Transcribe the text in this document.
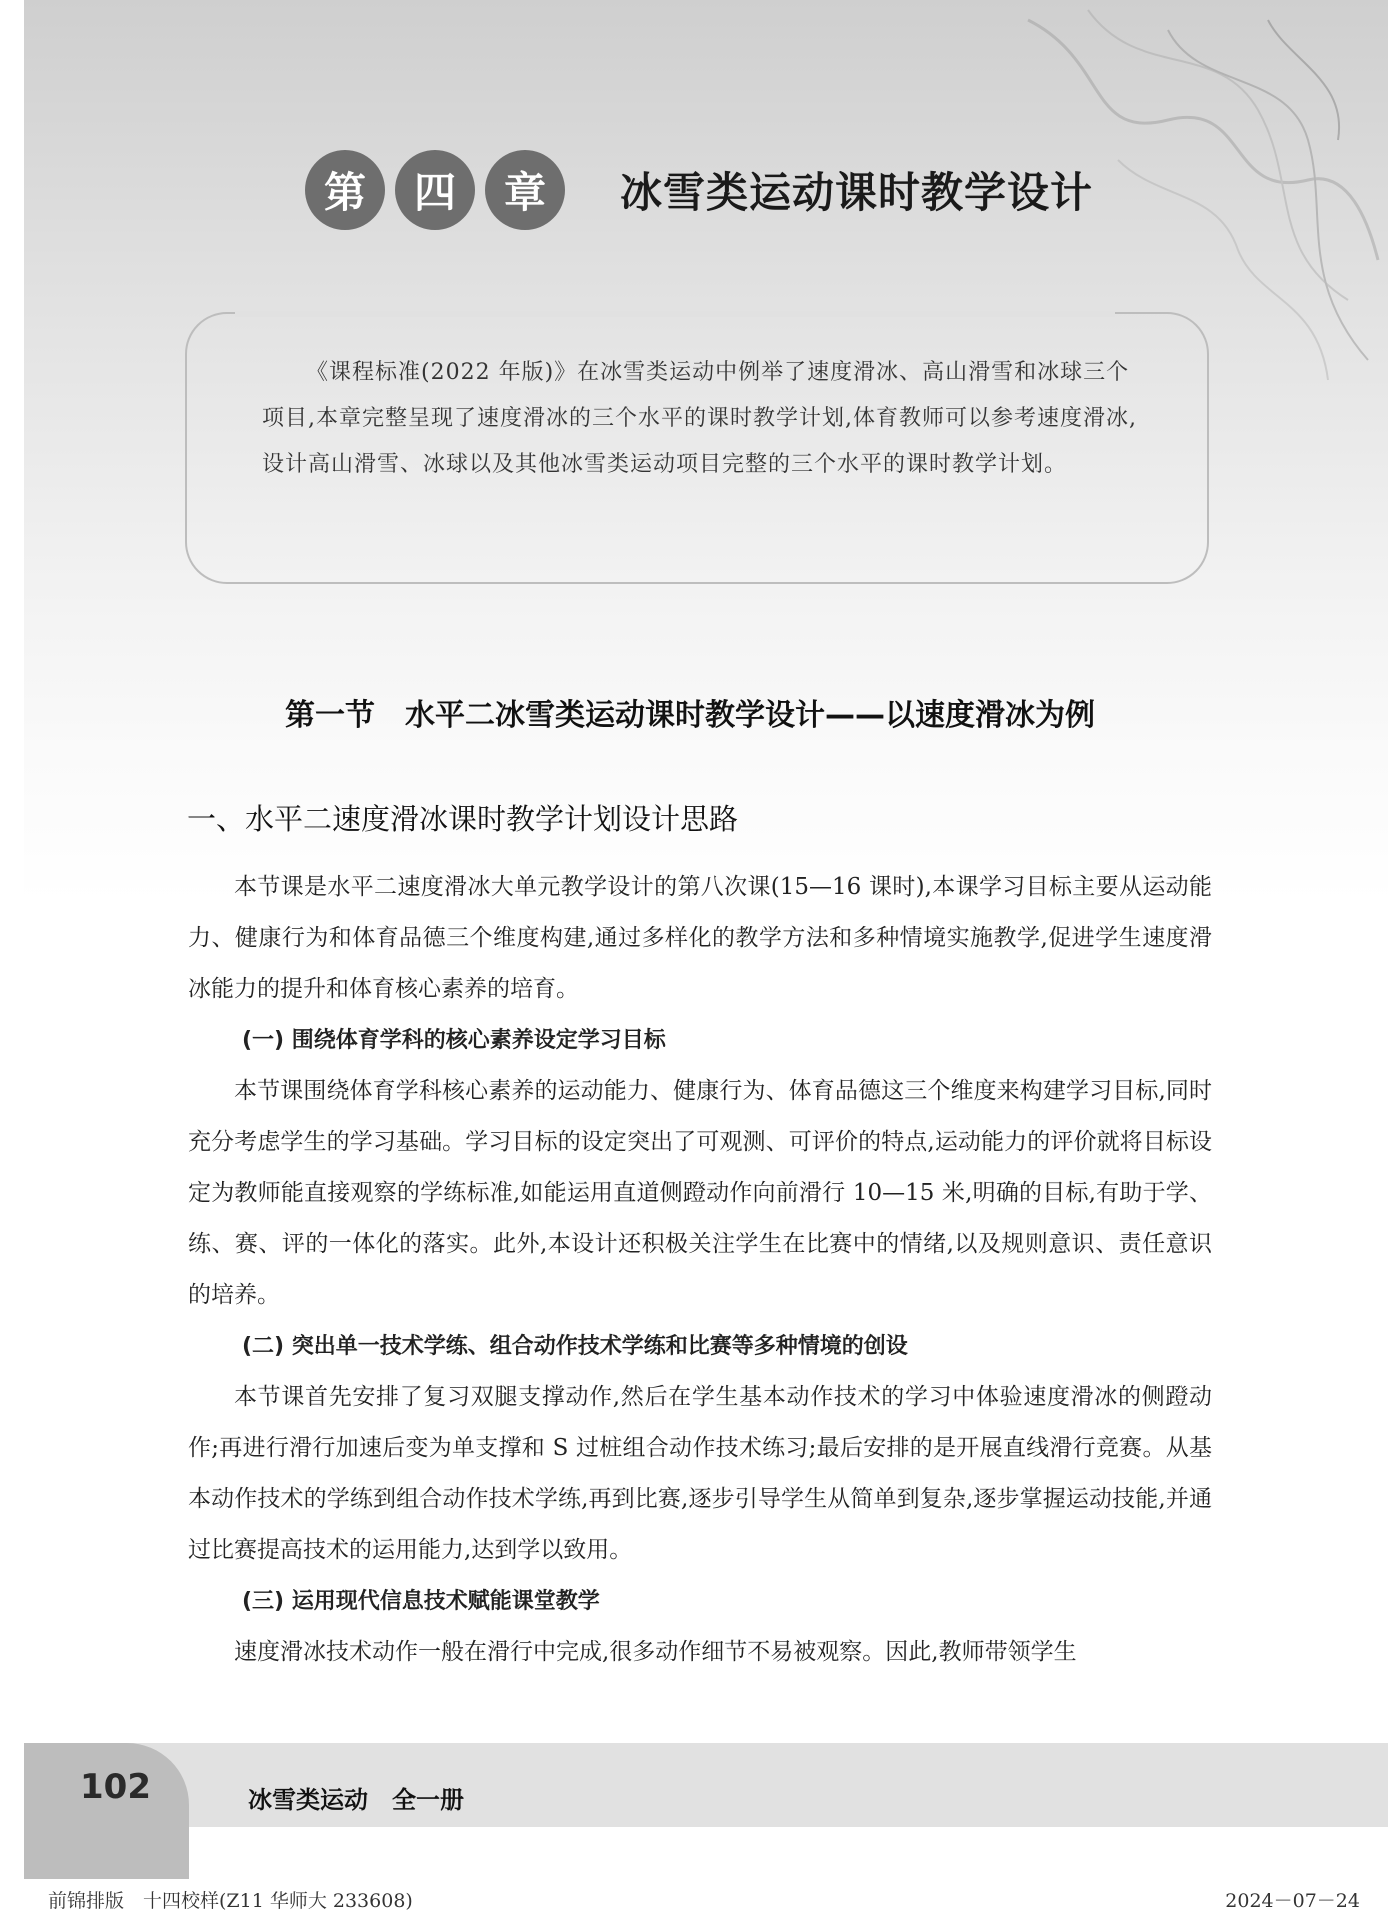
第	四	章	冰雪类运动课时教学设计

《课程标准(2022 年版)》在冰雪类运动中例举了速度滑冰、高山滑雪和冰球三个项目,本章完整呈现了速度滑冰的三个水平的课时教学计划,体育教师可以参考速度滑冰,设计高山滑雪、冰球以及其他冰雪类运动项目完整的三个水平的课时教学计划。

第一节　水平二冰雪类运动课时教学设计——以速度滑冰为例
一、水平二速度滑冰课时教学计划设计思路

本节课是水平二速度滑冰大单元教学设计的第八次课(15—16 课时),本课学习目标主要从运动能力、健康行为和体育品德三个维度构建,通过多样化的教学方法和多种情境实施教学,促进学生速度滑冰能力的提升和体育核心素养的培育。

(一) 围绕体育学科的核心素养设定学习目标

本节课围绕体育学科核心素养的运动能力、健康行为、体育品德这三个维度来构建学习目标,同时充分考虑学生的学习基础。学习目标的设定突出了可观测、可评价的特点,运动能力的评价就将目标设定为教师能直接观察的学练标准,如能运用直道侧蹬动作向前滑行 10—15 米,明确的目标,有助于学、练、赛、评的一体化的落实。此外,本设计还积极关注学生在比赛中的情绪,以及规则意识、责任意识的培养。

(二) 突出单一技术学练、组合动作技术学练和比赛等多种情境的创设

本节课首先安排了复习双腿支撑动作,然后在学生基本动作技术的学习中体验速度滑冰的侧蹬动作;再进行滑行加速后变为单支撑和 S 过桩组合动作技术练习;最后安排的是开展直线滑行竞赛。从基本动作技术的学练到组合动作技术学练,再到比赛,逐步引导学生从简单到复杂,逐步掌握运动技能,并通过比赛提高技术的运用能力,达到学以致用。

(三) 运用现代信息技术赋能课堂教学

速度滑冰技术动作一般在滑行中完成,很多动作细节不易被观察。因此,教师带领学生

102	冰雪类运动　全一册
前锦排版　十四校样(Z11 华师大 233608)	2024－07－24
